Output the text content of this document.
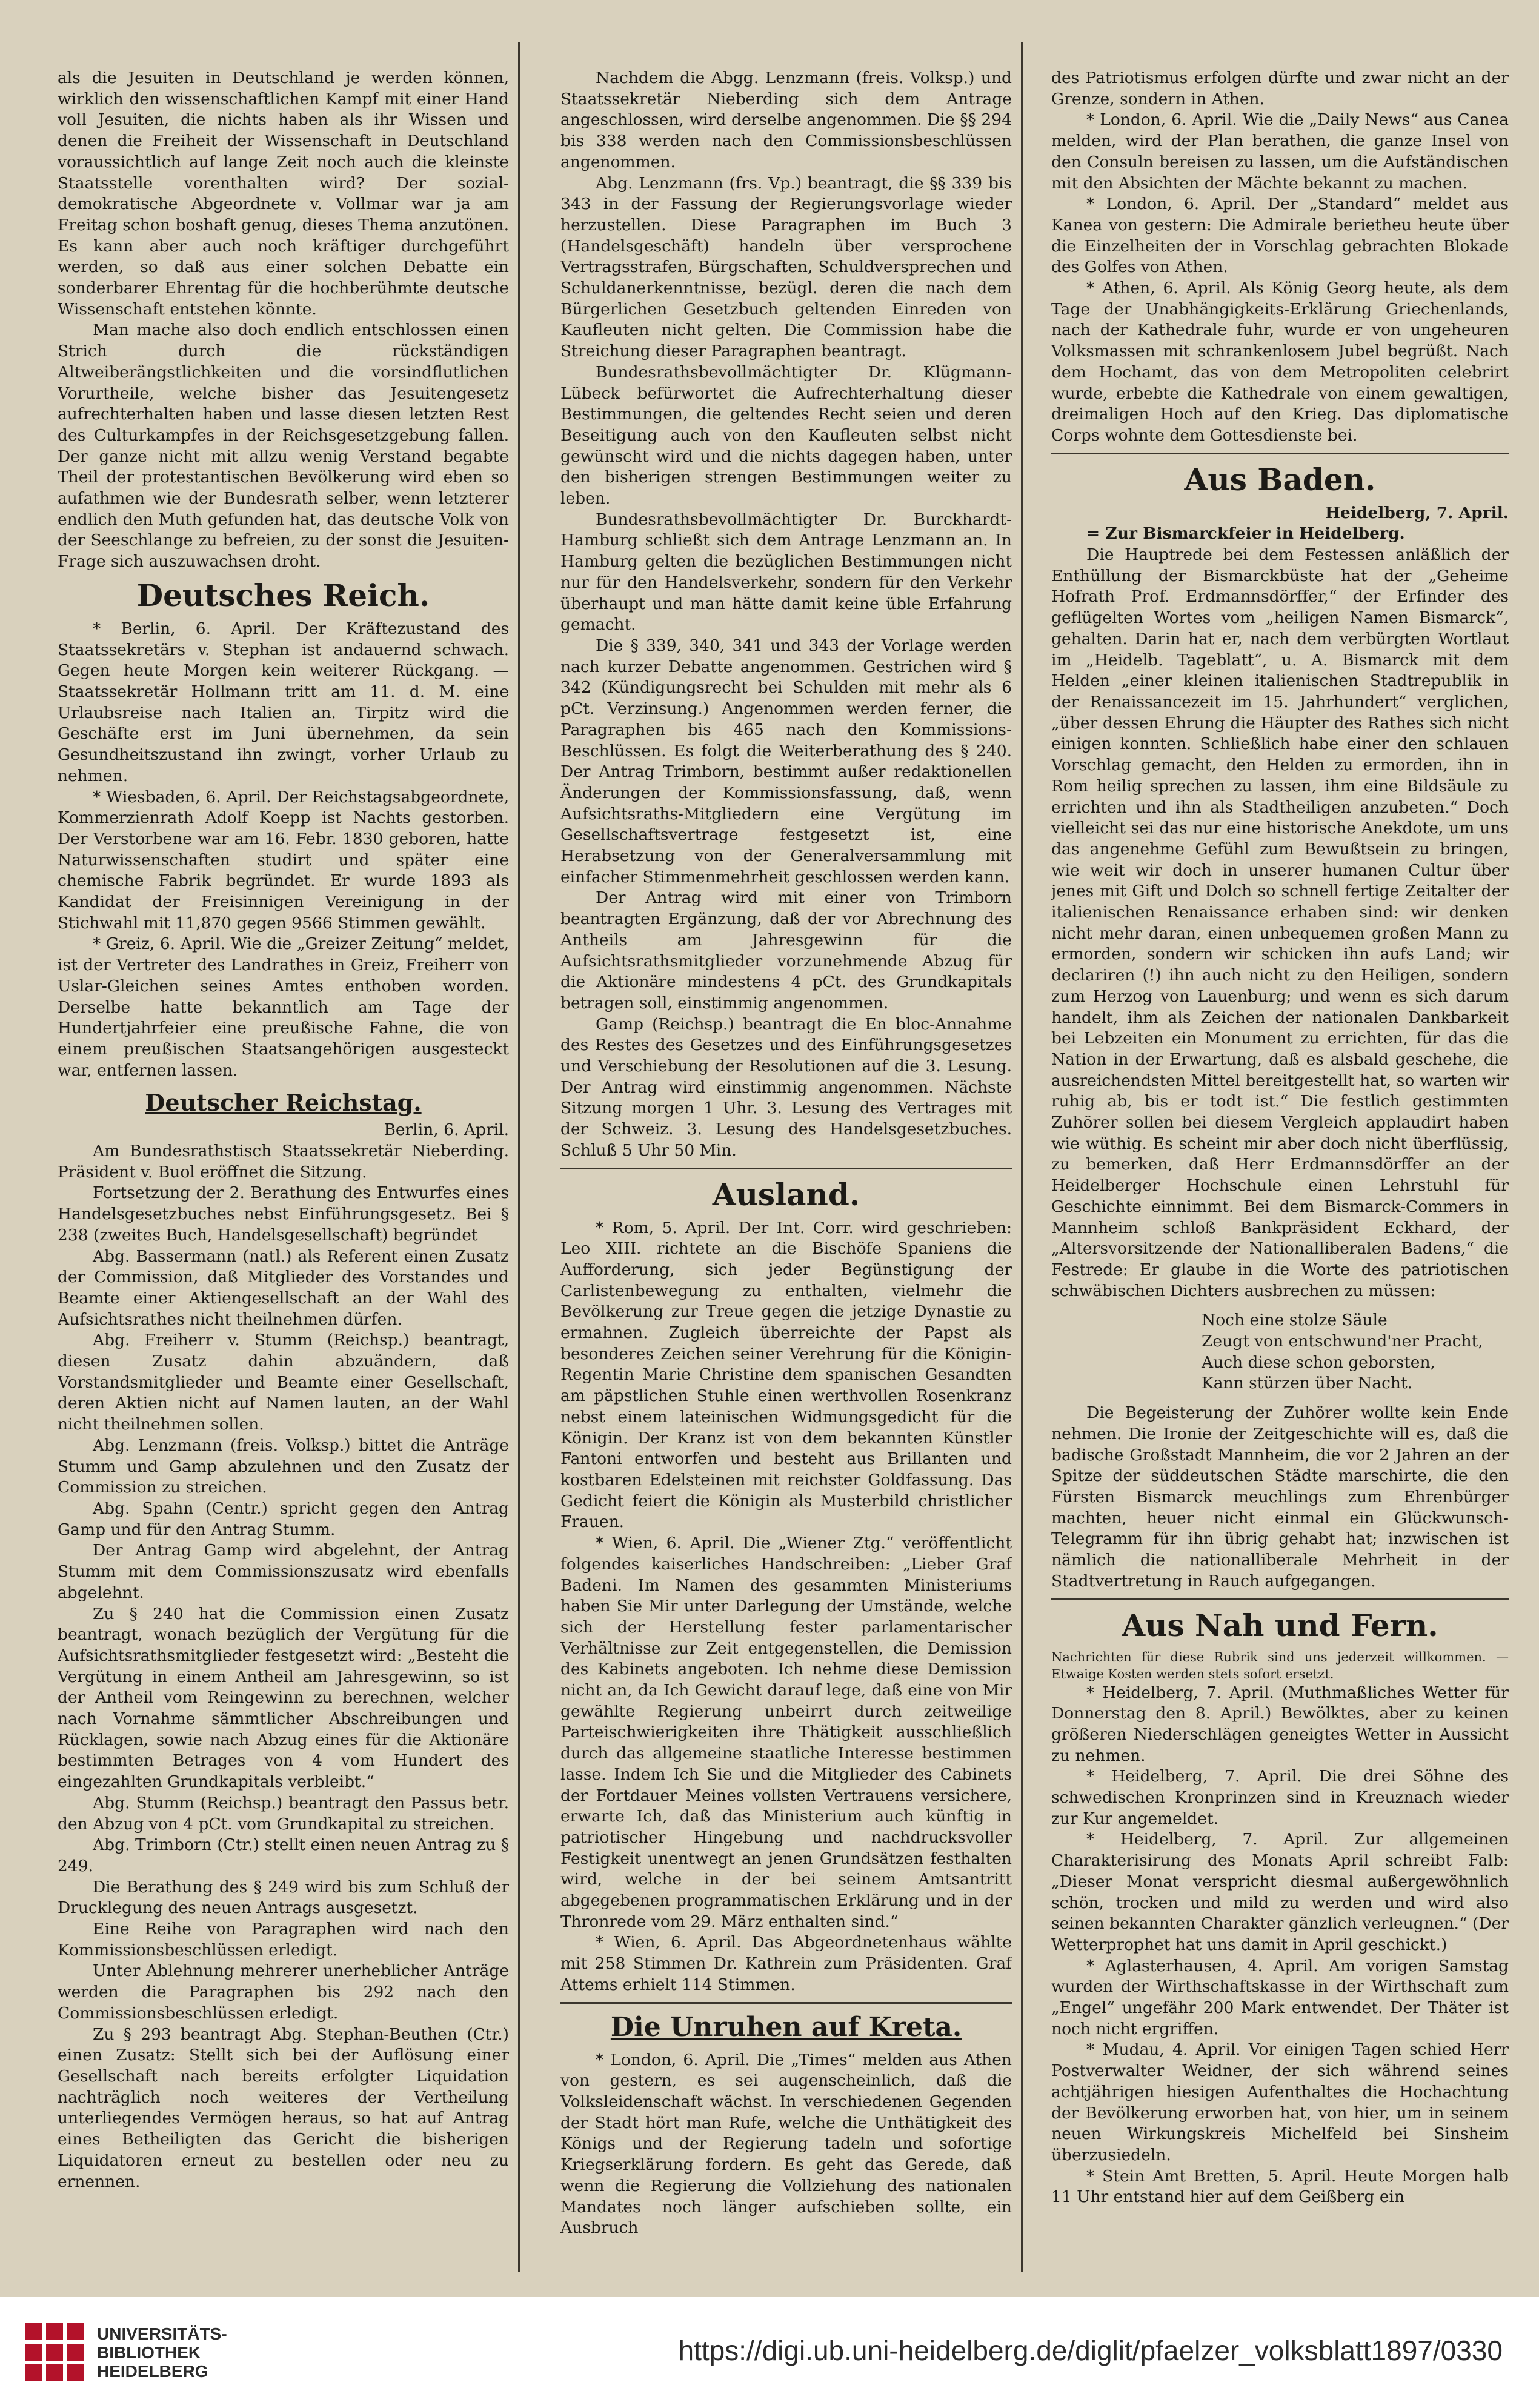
als die Jesuiten in Deutschland je werden können, wirklich den wissenschaftlichen Kampf mit einer Hand voll Jesuiten, die nichts haben als ihr Wissen und denen die Freiheit der Wissenschaft in Deutschland voraussichtlich auf lange Zeit noch auch die kleinste Staatsstelle vorenthalten wird? Der sozial-demokratische Abgeordnete v. Vollmar war ja am Freitag schon boshaft genug, dieses Thema anzutönen. Es kann aber auch noch kräftiger durchgeführt werden, so daß aus einer solchen Debatte ein sonderbarer Ehrentag für die hochberühmte deutsche Wissenschaft entstehen könnte.

Man mache also doch endlich entschlossen einen Strich durch die rückständigen Altweiberängstlichkeiten und die vorsindflutlichen Vorurtheile, welche bisher das Jesuitengesetz aufrechterhalten haben und lasse diesen letzten Rest des Culturkampfes in der Reichsgesetzgebung fallen. Der ganze nicht mit allzu wenig Verstand begabte Theil der protestantischen Bevölkerung wird eben so aufathmen wie der Bundesrath selber, wenn letzterer endlich den Muth gefunden hat, das deutsche Volk von der Seeschlange zu befreien, zu der sonst die Jesuiten-Frage sich auszuwachsen droht.

Deutsches Reich.

* Berlin, 6. April. Der Kräftezustand des Staatssekretärs v. Stephan ist andauernd schwach. Gegen heute Morgen kein weiterer Rückgang. — Staatssekretär Hollmann tritt am 11. d. M. eine Urlaubsreise nach Italien an. Tirpitz wird die Geschäfte erst im Juni übernehmen, da sein Gesundheitszustand ihn zwingt, vorher Urlaub zu nehmen.

* Wiesbaden, 6. April. Der Reichstagsabgeordnete, Kommerzienrath Adolf Koepp ist Nachts gestorben. Der Verstorbene war am 16. Febr. 1830 geboren, hatte Naturwissenschaften studirt und später eine chemische Fabrik begründet. Er wurde 1893 als Kandidat der Freisinnigen Vereinigung in der Stichwahl mit 11,870 gegen 9566 Stimmen gewählt.

* Greiz, 6. April. Wie die „Greizer Zeitung“ meldet, ist der Vertreter des Landrathes in Greiz, Freiherr von Uslar-Gleichen seines Amtes enthoben worden. Derselbe hatte bekanntlich am Tage der Hundertjahrfeier eine preußische Fahne, die von einem preußischen Staatsangehörigen ausgesteckt war, entfernen lassen.

Deutscher Reichstag.

Berlin, 6. April.

Am Bundesrathstisch Staatssekretär Nieberding. Präsident v. Buol eröffnet die Sitzung.

Fortsetzung der 2. Berathung des Entwurfes eines Handelsgesetzbuches nebst Einführungsgesetz. Bei § 238 (zweites Buch, Handelsgesellschaft) begründet

Abg. Bassermann (natl.) als Referent einen Zusatz der Commission, daß Mitglieder des Vorstandes und Beamte einer Aktiengesellschaft an der Wahl des Aufsichtsrathes nicht theilnehmen dürfen.

Abg. Freiherr v. Stumm (Reichsp.) beantragt, diesen Zusatz dahin abzuändern, daß Vorstandsmitglieder und Beamte einer Gesellschaft, deren Aktien nicht auf Namen lauten, an der Wahl nicht theilnehmen sollen.

Abg. Lenzmann (freis. Volksp.) bittet die Anträge Stumm und Gamp abzulehnen und den Zusatz der Commission zu streichen.

Abg. Spahn (Centr.) spricht gegen den Antrag Gamp und für den Antrag Stumm.

Der Antrag Gamp wird abgelehnt, der Antrag Stumm mit dem Commissionszusatz wird ebenfalls abgelehnt.

Zu § 240 hat die Commission einen Zusatz beantragt, wonach bezüglich der Vergütung für die Aufsichtsrathsmitglieder festgesetzt wird: „Besteht die Vergütung in einem Antheil am Jahresgewinn, so ist der Antheil vom Reingewinn zu berechnen, welcher nach Vornahme sämmtlicher Abschreibungen und Rücklagen, sowie nach Abzug eines für die Aktionäre bestimmten Betrages von 4 vom Hundert des eingezahlten Grundkapitals verbleibt.“

Abg. Stumm (Reichsp.) beantragt den Passus betr. den Abzug von 4 pCt. vom Grundkapital zu streichen.

Abg. Trimborn (Ctr.) stellt einen neuen Antrag zu § 249.

Die Berathung des § 249 wird bis zum Schluß der Drucklegung des neuen Antrags ausgesetzt.

Eine Reihe von Paragraphen wird nach den Kommissionsbeschlüssen erledigt.

Unter Ablehnung mehrerer unerheblicher Anträge werden die Paragraphen bis 292 nach den Commissionsbeschlüssen erledigt.

Zu § 293 beantragt Abg. Stephan-Beuthen (Ctr.) einen Zusatz: Stellt sich bei der Auflösung einer Gesellschaft nach bereits erfolgter Liquidation nachträglich noch weiteres der Vertheilung unterliegendes Vermögen heraus, so hat auf Antrag eines Betheiligten das Gericht die bisherigen Liquidatoren erneut zu bestellen oder neu zu ernennen.

Nachdem die Abgg. Lenzmann (freis. Volksp.) und Staatssekretär Nieberding sich dem Antrage angeschlossen, wird derselbe angenommen. Die §§ 294 bis 338 werden nach den Commissionsbeschlüssen angenommen.

Abg. Lenzmann (frs. Vp.) beantragt, die §§ 339 bis 343 in der Fassung der Regierungsvorlage wieder herzustellen. Diese Paragraphen im Buch 3 (Handelsgeschäft) handeln über versprochene Vertragsstrafen, Bürgschaften, Schuldversprechen und Schuldanerkenntnisse, bezügl. deren die nach dem Bürgerlichen Gesetzbuch geltenden Einreden von Kaufleuten nicht gelten. Die Commission habe die Streichung dieser Paragraphen beantragt.

Bundesrathsbevollmächtigter Dr. Klügmann-Lübeck befürwortet die Aufrechterhaltung dieser Bestimmungen, die geltendes Recht seien und deren Beseitigung auch von den Kaufleuten selbst nicht gewünscht wird und die nichts dagegen haben, unter den bisherigen strengen Bestimmungen weiter zu leben.

Bundesrathsbevollmächtigter Dr. Burckhardt-Hamburg schließt sich dem Antrage Lenzmann an. In Hamburg gelten die bezüglichen Bestimmungen nicht nur für den Handelsverkehr, sondern für den Verkehr überhaupt und man hätte damit keine üble Erfahrung gemacht.

Die § 339, 340, 341 und 343 der Vorlage werden nach kurzer Debatte angenommen. Gestrichen wird § 342 (Kündigungsrecht bei Schulden mit mehr als 6 pCt. Verzinsung.) Angenommen werden ferner, die Paragraphen bis 465 nach den Kommissions-Beschlüssen. Es folgt die Weiterberathung des § 240. Der Antrag Trimborn, bestimmt außer redaktionellen Änderungen der Kommissionsfassung, daß, wenn Aufsichtsraths-Mitgliedern eine Vergütung im Gesellschaftsvertrage festgesetzt ist, eine Herabsetzung von der Generalversammlung mit einfacher Stimmenmehrheit geschlossen werden kann.

Der Antrag wird mit einer von Trimborn beantragten Ergänzung, daß der vor Abrechnung des Antheils am Jahresgewinn für die Aufsichtsrathsmitglieder vorzunehmende Abzug für die Aktionäre mindestens 4 pCt. des Grundkapitals betragen soll, einstimmig angenommen.

Gamp (Reichsp.) beantragt die En bloc-Annahme des Restes des Gesetzes und des Einführungsgesetzes und Verschiebung der Resolutionen auf die 3. Lesung. Der Antrag wird einstimmig angenommen. Nächste Sitzung morgen 1 Uhr. 3. Lesung des Vertrages mit der Schweiz. 3. Lesung des Handelsgesetzbuches. Schluß 5 Uhr 50 Min.

Ausland.

* Rom, 5. April. Der Int. Corr. wird geschrieben: Leo XIII. richtete an die Bischöfe Spaniens die Aufforderung, sich jeder Begünstigung der Carlistenbewegung zu enthalten, vielmehr die Bevölkerung zur Treue gegen die jetzige Dynastie zu ermahnen. Zugleich überreichte der Papst als besonderes Zeichen seiner Verehrung für die Königin-Regentin Marie Christine dem spanischen Gesandten am päpstlichen Stuhle einen werthvollen Rosenkranz nebst einem lateinischen Widmungsgedicht für die Königin. Der Kranz ist von dem bekannten Künstler Fantoni entworfen und besteht aus Brillanten und kostbaren Edelsteinen mit reichster Goldfassung. Das Gedicht feiert die Königin als Musterbild christlicher Frauen.

* Wien, 6. April. Die „Wiener Ztg.“ veröffentlicht folgendes kaiserliches Handschreiben: „Lieber Graf Badeni. Im Namen des gesammten Ministeriums haben Sie Mir unter Darlegung der Umstände, welche sich der Herstellung fester parlamentarischer Verhältnisse zur Zeit entgegenstellen, die Demission des Kabinets angeboten. Ich nehme diese Demission nicht an, da Ich Gewicht darauf lege, daß eine von Mir gewählte Regierung unbeirrt durch zeitweilige Parteischwierigkeiten ihre Thätigkeit ausschließlich durch das allgemeine staatliche Interesse bestimmen lasse. Indem Ich Sie und die Mitglieder des Cabinets der Fortdauer Meines vollsten Vertrauens versichere, erwarte Ich, daß das Ministerium auch künftig in patriotischer Hingebung und nachdrucksvoller Festigkeit unentwegt an jenen Grundsätzen festhalten wird, welche in der bei seinem Amtsantritt abgegebenen programmatischen Erklärung und in der Thronrede vom 29. März enthalten sind.“

* Wien, 6. April. Das Abgeordnetenhaus wählte mit 258 Stimmen Dr. Kathrein zum Präsidenten. Graf Attems erhielt 114 Stimmen.

Die Unruhen auf Kreta.

* London, 6. April. Die „Times“ melden aus Athen von gestern, es sei augenscheinlich, daß die Volksleidenschaft wächst. In verschiedenen Gegenden der Stadt hört man Rufe, welche die Unthätigkeit des Königs und der Regierung tadeln und sofortige Kriegserklärung fordern. Es geht das Gerede, daß wenn die Regierung die Vollziehung des nationalen Mandates noch länger aufschieben sollte, ein Ausbruch

des Patriotismus erfolgen dürfte und zwar nicht an der Grenze, sondern in Athen.

* London, 6. April. Wie die „Daily News“ aus Canea melden, wird der Plan berathen, die ganze Insel von den Consuln bereisen zu lassen, um die Aufständischen mit den Absichten der Mächte bekannt zu machen.

* London, 6. April. Der „Standard“ meldet aus Kanea von gestern: Die Admirale berietheu heute über die Einzelheiten der in Vorschlag gebrachten Blokade des Golfes von Athen.

* Athen, 6. April. Als König Georg heute, als dem Tage der Unabhängigkeits-Erklärung Griechenlands, nach der Kathedrale fuhr, wurde er von ungeheuren Volksmassen mit schrankenlosem Jubel begrüßt. Nach dem Hochamt, das von dem Metropoliten celebrirt wurde, erbebte die Kathedrale von einem gewaltigen, dreimaligen Hoch auf den Krieg. Das diplomatische Corps wohnte dem Gottesdienste bei.

Aus Baden.

Heidelberg, 7. April.

= Zur Bismarckfeier in Heidelberg.

Die Hauptrede bei dem Festessen anläßlich der Enthüllung der Bismarckbüste hat der „Geheime Hofrath Prof. Erdmannsdörffer,“ der Erfinder des geflügelten Wortes vom „heiligen Namen Bismarck“, gehalten. Darin hat er, nach dem verbürgten Wortlaut im „Heidelb. Tageblatt“, u. A. Bismarck mit dem Helden „einer kleinen italienischen Stadtrepublik in der Renaissancezeit im 15. Jahrhundert“ verglichen, „über dessen Ehrung die Häupter des Rathes sich nicht einigen konnten. Schließlich habe einer den schlauen Vorschlag gemacht, den Helden zu ermorden, ihn in Rom heilig sprechen zu lassen, ihm eine Bildsäule zu errichten und ihn als Stadtheiligen anzubeten.“ Doch vielleicht sei das nur eine historische Anekdote, um uns das angenehme Gefühl zum Bewußtsein zu bringen, wie weit wir doch in unserer humanen Cultur über jenes mit Gift und Dolch so schnell fertige Zeitalter der italienischen Renaissance erhaben sind: wir denken nicht mehr daran, einen unbequemen großen Mann zu ermorden, sondern wir schicken ihn aufs Land; wir declariren (!) ihn auch nicht zu den Heiligen, sondern zum Herzog von Lauenburg; und wenn es sich darum handelt, ihm als Zeichen der nationalen Dankbarkeit bei Lebzeiten ein Monument zu errichten, für das die Nation in der Erwartung, daß es alsbald geschehe, die ausreichendsten Mittel bereitgestellt hat, so warten wir ruhig ab, bis er todt ist.“ Die festlich gestimmten Zuhörer sollen bei diesem Vergleich applaudirt haben wie wüthig. Es scheint mir aber doch nicht überflüssig, zu bemerken, daß Herr Erdmannsdörffer an der Heidelberger Hochschule einen Lehrstuhl für Geschichte einnimmt. Bei dem Bismarck-Commers in Mannheim schloß Bankpräsident Eckhard, der „Altersvorsitzende der Nationalliberalen Badens,“ die Festrede: Er glaube in die Worte des patriotischen schwäbischen Dichters ausbrechen zu müssen:

Noch eine stolze Säule

Zeugt von entschwund'ner Pracht,

Auch diese schon geborsten,

Kann stürzen über Nacht.

Die Begeisterung der Zuhörer wollte kein Ende nehmen. Die Ironie der Zeitgeschichte will es, daß die badische Großstadt Mannheim, die vor 2 Jahren an der Spitze der süddeutschen Städte marschirte, die den Fürsten Bismarck meuchlings zum Ehrenbürger machten, heuer nicht einmal ein Glückwunsch-Telegramm für ihn übrig gehabt hat; inzwischen ist nämlich die nationalliberale Mehrheit in der Stadtvertretung in Rauch aufgegangen.

Aus Nah und Fern.

Nachrichten für diese Rubrik sind uns jederzeit willkommen. — Etwaige Kosten werden stets sofort ersetzt.

* Heidelberg, 7. April. (Muthmaßliches Wetter für Donnerstag den 8. April.) Bewölktes, aber zu keinen größeren Niederschlägen geneigtes Wetter in Aussicht zu nehmen.

* Heidelberg, 7. April. Die drei Söhne des schwedischen Kronprinzen sind in Kreuznach wieder zur Kur angemeldet.

* Heidelberg, 7. April. Zur allgemeinen Charakterisirung des Monats April schreibt Falb: „Dieser Monat verspricht diesmal außergewöhnlich schön, trocken und mild zu werden und wird also seinen bekannten Charakter gänzlich verleugnen.“ (Der Wetterprophet hat uns damit in April geschickt.)

* Aglasterhausen, 4. April. Am vorigen Samstag wurden der Wirthschaftskasse in der Wirthschaft zum „Engel“ ungefähr 200 Mark entwendet. Der Thäter ist noch nicht ergriffen.

* Mudau, 4. April. Vor einigen Tagen schied Herr Postverwalter Weidner, der sich während seines achtjährigen hiesigen Aufenthaltes die Hochachtung der Bevölkerung erworben hat, von hier, um in seinem neuen Wirkungskreis Michelfeld bei Sinsheim überzusiedeln.

* Stein Amt Bretten, 5. April. Heute Morgen halb 11 Uhr entstand hier auf dem Geißberg ein

UNIVERSITÄTS-
BIBLIOTHEK
HEIDELBERG
https://digi.ub.uni-heidelberg.de/diglit/pfaelzer_volksblatt1897/0330
